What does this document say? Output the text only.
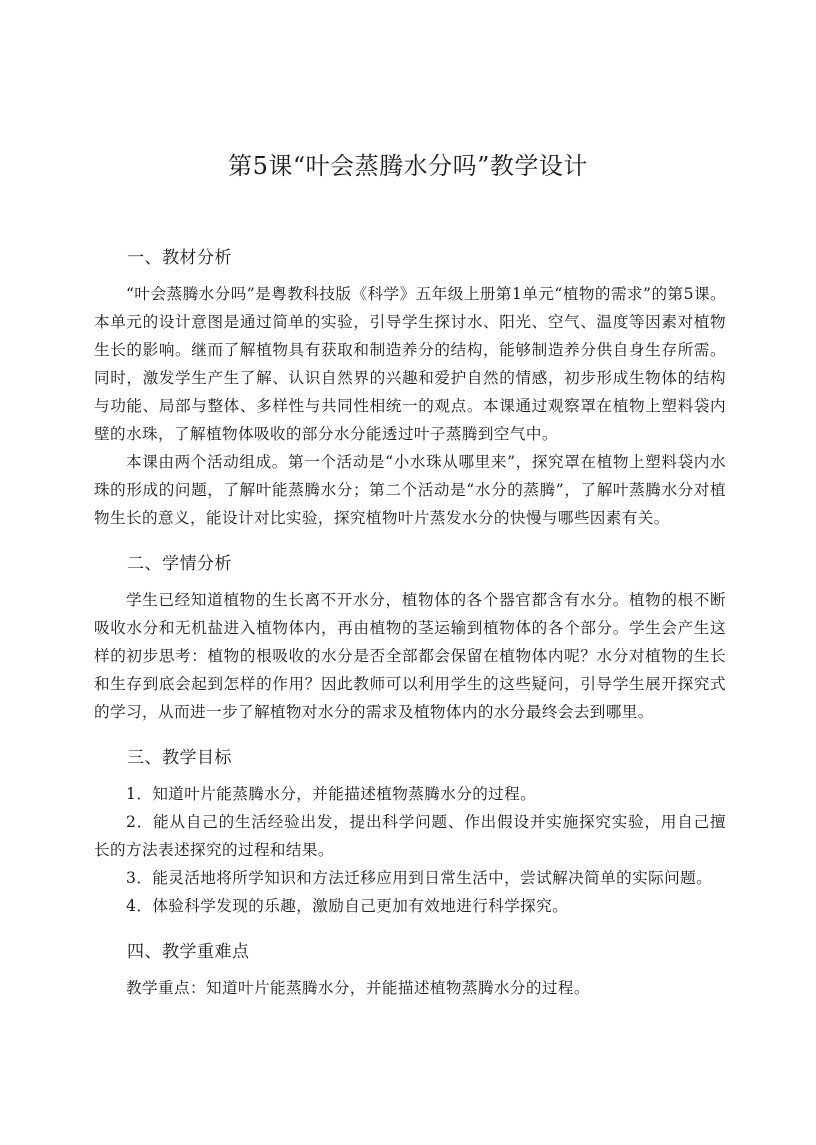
第5课“叶会蒸腾水分吗”教学设计
一、教材分析

“叶会蒸腾水分吗”是粤教科技版《科学》五年级上册第1单元“植物的需求”的第5课。本单元的设计意图是通过简单的实验，引导学生探讨水、阳光、空气、温度等因素对植物生长的影响。继而了解植物具有获取和制造养分的结构，能够制造养分供自身生存所需。同时，激发学生产生了解、认识自然界的兴趣和爱护自然的情感，初步形成生物体的结构与功能、局部与整体、多样性与共同性相统一的观点。本课通过观察罩在植物上塑料袋内壁的水珠，了解植物体吸收的部分水分能透过叶子蒸腾到空气中。

本课由两个活动组成。第一个活动是“小水珠从哪里来”，探究罩在植物上塑料袋内水珠的形成的问题，了解叶能蒸腾水分；第二个活动是“水分的蒸腾”，了解叶蒸腾水分对植物生长的意义，能设计对比实验，探究植物叶片蒸发水分的快慢与哪些因素有关。

二、学情分析

学生已经知道植物的生长离不开水分，植物体的各个器官都含有水分。植物的根不断吸收水分和无机盐进入植物体内，再由植物的茎运输到植物体的各个部分。学生会产生这样的初步思考：植物的根吸收的水分是否全部都会保留在植物体内呢？水分对植物的生长和生存到底会起到怎样的作用？因此教师可以利用学生的这些疑问，引导学生展开探究式的学习，从而进一步了解植物对水分的需求及植物体内的水分最终会去到哪里。

三、教学目标

1．知道叶片能蒸腾水分，并能描述植物蒸腾水分的过程。

2．能从自己的生活经验出发，提出科学问题、作出假设并实施探究实验，用自己擅长的方法表述探究的过程和结果。

3．能灵活地将所学知识和方法迁移应用到日常生活中，尝试解决简单的实际问题。

4．体验科学发现的乐趣，激励自己更加有效地进行科学探究。

四、教学重难点

教学重点：知道叶片能蒸腾水分，并能描述植物蒸腾水分的过程。
